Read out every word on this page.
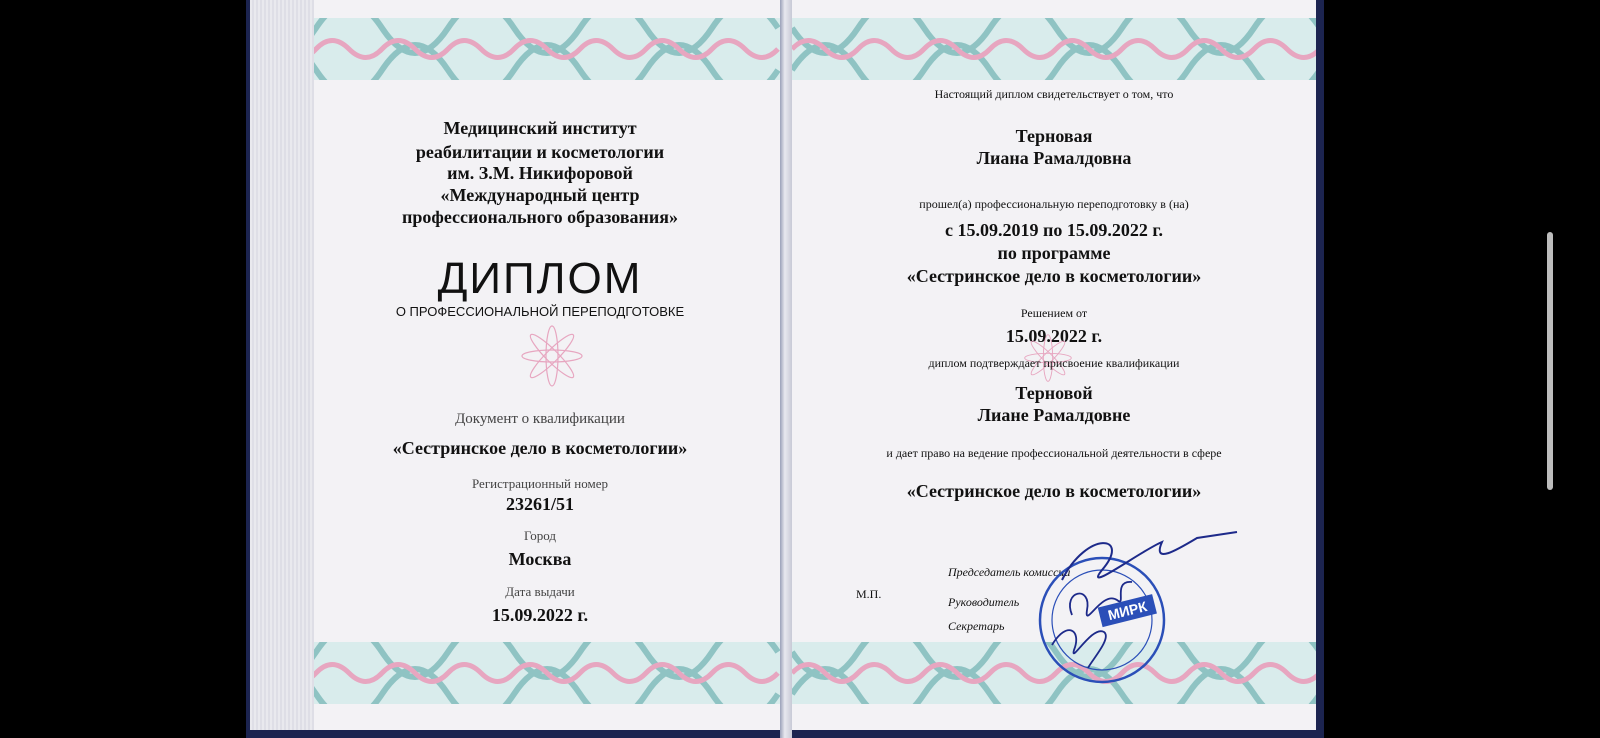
Медицинский институт
реабилитации и косметологии
им. З.М. Никифоровой
«Международный центр
профессионального образования»
ДИПЛОМ
О ПРОФЕССИОНАЛЬНОЙ ПЕРЕПОДГОТОВКЕ
Документ о квалификации
«Сестринское дело в косметологии»
Регистрационный номер
23261/51
Город
Москва
Дата выдачи
15.09.2022 г.
Настоящий диплом свидетельствует о том, что
Терновая
Лиана Рамалдовна
прошел(а) профессиональную переподготовку в (на)
с 15.09.2019 по 15.09.2022 г.
по программе
«Сестринское дело в косметологии»
Решением от
15.09.2022 г.
диплом подтверждает присвоение квалификации
Терновой
Лиане Рамалдовне
и дает право на ведение профессиональной деятельности в сфере
«Сестринское дело в косметологии»
М.П.
Председатель комиссии
Руководитель
Секретарь
МИРК
